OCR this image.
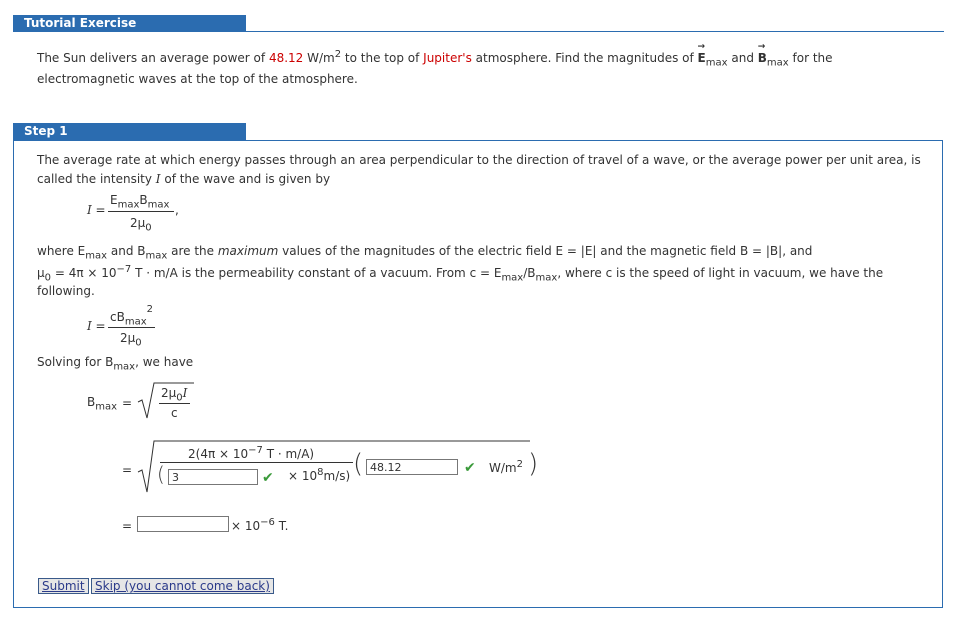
Tutorial Exercise
The Sun delivers an average power of 48.12 $W/m^2$ to the top of Jupiter's atmosphere. Find the magnitudes of
→
$E_{max}$ and
→
$B_{max}$ for the
electromagnetic waves at the top of the atmosphere.
Step 1
The average rate at which energy passes through an area perpendicular to the direction of travel of a wave, or the average power per unit area, is
called the intensity I of the wave and is given by
I =
$E_{max}B_{max}$
$2\mu_0$
,
where $E_{max}$ and $B_{max}$ are the maximum values of the magnitudes of the electric field E = |E| and the magnetic field B = |B|, and
$\mu_0 = 4\pi \times 10^{-7}$ T · m/A is the permeability constant of a vacuum. From $c = E_{max}/B_{max}$, where c is the speed of light in vacuum, we have the
following.
I =
$cB_{max}^2$
$2\mu_0$
Solving for $B_{max}$, we have
$B_{max}$ =
$2\mu_0I$
c
=
$2(4\pi \times 10^{-7}$ T · m/A)
(
3	✔ × $10^8m/s$) (
48.12	✔ $W/m^2$ )
=	× $10^{-6}$ T.
Submit Skip (you cannot come back)
